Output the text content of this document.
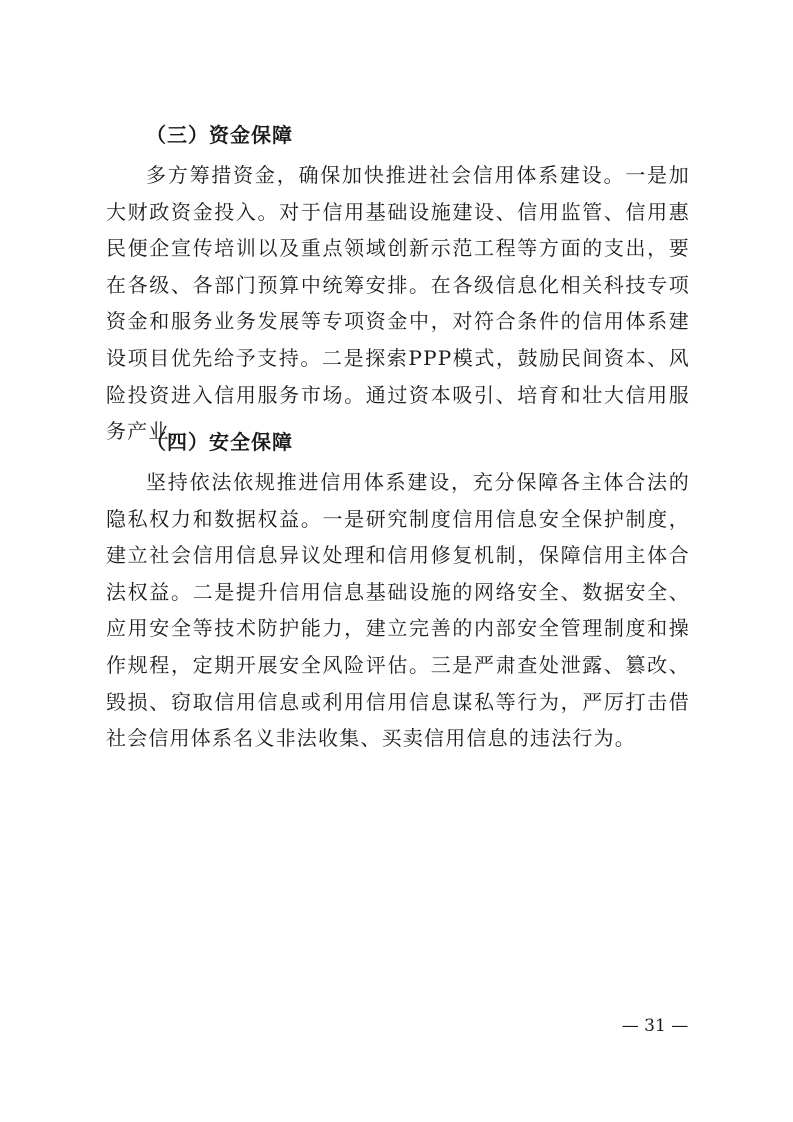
（三）资金保障

多方筹措资金，确保加快推进社会信用体系建设。一是加大财政资金投入。对于信用基础设施建设、信用监管、信用惠民便企宣传培训以及重点领域创新示范工程等方面的支出，要在各级、各部门预算中统筹安排。在各级信息化相关科技专项资金和服务业务发展等专项资金中，对符合条件的信用体系建设项目优先给予支持。二是探索PPP模式，鼓励民间资本、风险投资进入信用服务市场。通过资本吸引、培育和壮大信用服务产业。

（四）安全保障

坚持依法依规推进信用体系建设，充分保障各主体合法的隐私权力和数据权益。一是研究制度信用信息安全保护制度，建立社会信用信息异议处理和信用修复机制，保障信用主体合法权益。二是提升信用信息基础设施的网络安全、数据安全、应用安全等技术防护能力，建立完善的内部安全管理制度和操作规程，定期开展安全风险评估。三是严肃查处泄露、篡改、毁损、窃取信用信息或利用信用信息谋私等行为，严厉打击借社会信用体系名义非法收集、买卖信用信息的违法行为。

— 31 —
